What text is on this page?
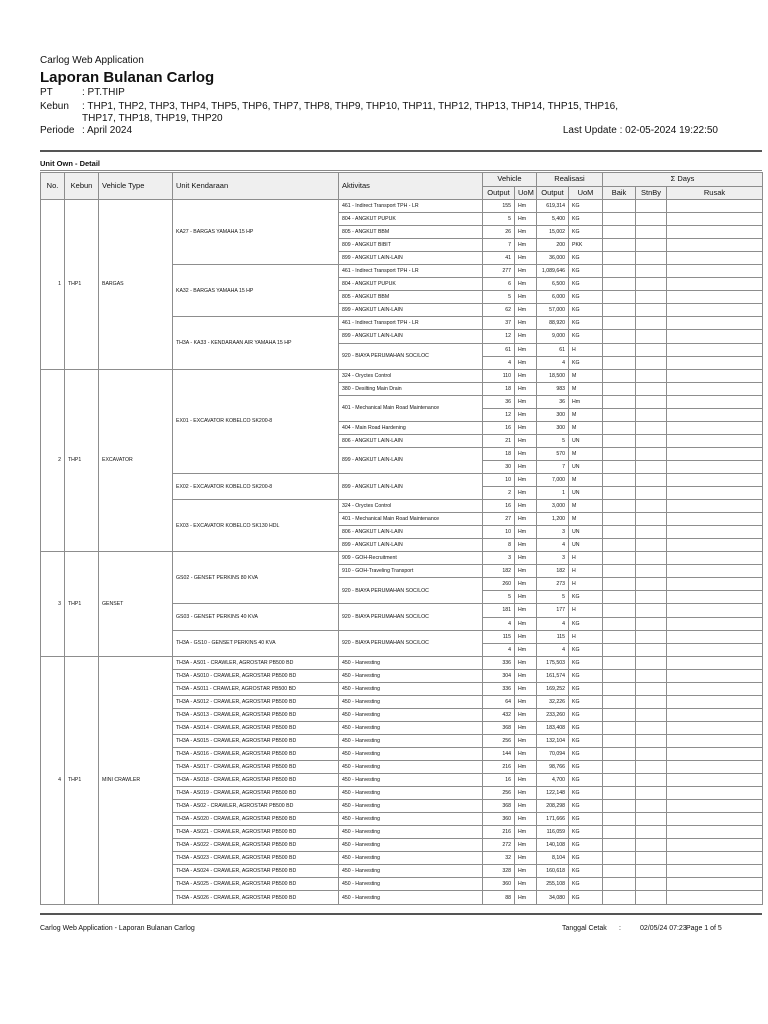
Carlog Web Application
Laporan Bulanan Carlog
PT	: PT.THIP
Kebun : THP1, THP2, THP3, THP4, THP5, THP6, THP7, THP8, THP9, THP10, THP11, THP12, THP13, THP14, THP15, THP16, THP17, THP18, THP19, THP20
Periode : April 2024	Last Update : 02-05-2024 19:22:50
Unit Own - Detail
No.	Kebun	Vehicle Type	Unit Kendaraan	Aktivitas	Vehicle		Realisasi		Σ Days		
					Output	UoM	Output	UoM	Baik	StnBy	Rusak
1	THP1	BARGAS	KA27 - BARGAS YAMAHA 15 HP	461 - Indirect Transport TPH - LR	155	Hm	619,314	KG			
				804 - ANGKUT PUPUK	5	Hm	5,400	KG			
				805 - ANGKUT BBM	26	Hm	15,002	KG			
				809 - ANGKUT BIBIT	7	Hm	200	PKK			
				899 - ANGKUT LAIN-LAIN	41	Hm	36,000	KG			
			KA32 - BARGAS YAMAHA 15 HP	461 - Indirect Transport TPH - LR	277	Hm	1,089,646	KG			
				804 - ANGKUT PUPUK	6	Hm	6,500	KG			
				805 - ANGKUT BBM	5	Hm	6,000	KG			
				899 - ANGKUT LAIN-LAIN	62	Hm	57,000	KG			
			TH3A - KA33 - KENDARAAN AIR YAMAHA 15 HP	461 - Indirect Transport TPH - LR	37	Hm	88,920	KG			
				899 - ANGKUT LAIN-LAIN	12	Hm	9,000	KG			
				920 - BIAYA PERUMAHAN SOC/LOC	61	Hm	61	H			
					4	Hm	4	KG			
2	THP1	EXCAVATOR	EX01 - EXCAVATOR KOBELCO SK200-8	324 - Oryctes Control	110	Hm	18,500	M			
				380 - Desilting Main Drain	18	Hm	983	M			
				401 - Mechanical Main Road Maintenance	36	Hm	36	Hm			
					12	Hm	300	M			
				404 - Main Road Hardening	16	Hm	300	M			
				806 - ANGKUT LAIN-LAIN	21	Hm	5	UN			
				899 - ANGKUT LAIN-LAIN	18	Hm	570	M			
					30	Hm	7	UN			
			EX02 - EXCAVATOR KOBELCO SK200-8	899 - ANGKUT LAIN-LAIN	10	Hm	7,000	M			
					2	Hm	1	UN			
			EX03 - EXCAVATOR KOBELCO SK130 HDL	324 - Oryctes Control	16	Hm	3,000	M			
				401 - Mechanical Main Road Maintenance	27	Hm	1,200	M			
				806 - ANGKUT LAIN-LAIN	10	Hm	3	UN			
				899 - ANGKUT LAIN-LAIN	8	Hm	4	UN			
3	THP1	GENSET	GS02 - GENSET PERKINS 80 KVA	909 - GOH-Recruitment	3	Hm	3	H			
				910 - GOH-Traveling Transport	182	Hm	182	H			
				920 - BIAYA PERUMAHAN SOC/LOC	260	Hm	273	H			
					5	Hm	5	KG			
			GS03 - GENSET PERKINS 40 KVA	920 - BIAYA PERUMAHAN SOC/LOC	181	Hm	177	H			
					4	Hm	4	KG			
			TH3A - GS10 - GENSET PERKINS 40 KVA	920 - BIAYA PERUMAHAN SOC/LOC	115	Hm	115	H			
					4	Hm	4	KG			
4	THP1	MINI CRAWLER	TH3A - AS01 - CRAWLER, AGROSTAR PB500 BD	450 - Harvesting	336	Hm	175,503	KG			
			TH3A - AS010 - CRAWLER, AGROSTAR PB500 BD	450 - Harvesting	304	Hm	161,574	KG			
			TH3A - AS011 - CRAWLER, AGROSTAR PB500 BD	450 - Harvesting	336	Hm	169,252	KG			
			TH3A - AS012 - CRAWLER, AGROSTAR PB500 BD	450 - Harvesting	64	Hm	32,226	KG			
			TH3A - AS013 - CRAWLER, AGROSTAR PB500 BD	450 - Harvesting	432	Hm	233,260	KG			
			TH3A - AS014 - CRAWLER, AGROSTAR PB500 BD	450 - Harvesting	368	Hm	183,408	KG			
			TH3A - AS015 - CRAWLER, AGROSTAR PB500 BD	450 - Harvesting	256	Hm	132,104	KG			
			TH3A - AS016 - CRAWLER, AGROSTAR PB500 BD	450 - Harvesting	144	Hm	70,094	KG			
			TH3A - AS017 - CRAWLER, AGROSTAR PB500 BD	450 - Harvesting	216	Hm	98,766	KG			
			TH3A - AS018 - CRAWLER, AGROSTAR PB500 BD	450 - Harvesting	16	Hm	4,700	KG			
			TH3A - AS019 - CRAWLER, AGROSTAR PB500 BD	450 - Harvesting	256	Hm	122,148	KG			
			TH3A - AS02 - CRAWLER, AGROSTAR PB500 BD	450 - Harvesting	368	Hm	208,298	KG			
			TH3A - AS020 - CRAWLER, AGROSTAR PB500 BD	450 - Harvesting	360	Hm	171,666	KG			
			TH3A - AS021 - CRAWLER, AGROSTAR PB500 BD	450 - Harvesting	216	Hm	116,059	KG			
			TH3A - AS022 - CRAWLER, AGROSTAR PB500 BD	450 - Harvesting	272	Hm	140,108	KG			
			TH3A - AS023 - CRAWLER, AGROSTAR PB500 BD	450 - Harvesting	32	Hm	8,104	KG			
			TH3A - AS024 - CRAWLER, AGROSTAR PB500 BD	450 - Harvesting	328	Hm	160,618	KG			
			TH3A - AS025 - CRAWLER, AGROSTAR PB500 BD	450 - Harvesting	360	Hm	255,108	KG			
			TH3A - AS026 - CRAWLER, AGROSTAR PB500 BD	450 - Harvesting	88	Hm	34,080	KG			
Carlog Web Application - Laporan Bulanan Carlog	Tanggal Cetak :	02/05/24 07:23 Page 1 of 5
